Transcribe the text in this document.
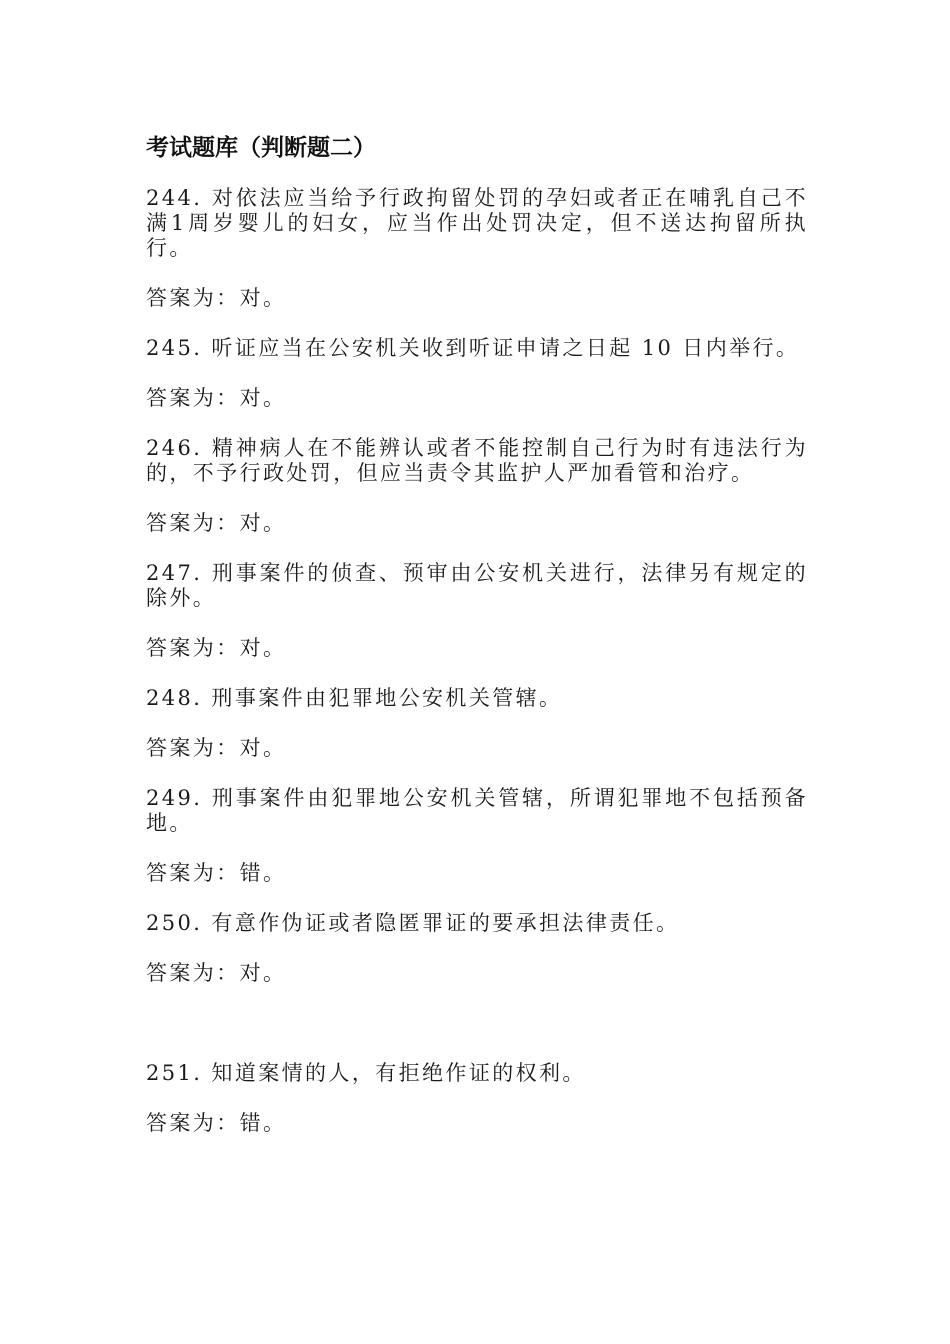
考试题库（判断题二）

244. 对依法应当给予行政拘留处罚的孕妇或者正在哺乳自己不满1周岁婴儿的妇女，应当作出处罚决定，但不送达拘留所执行。

答案为：对。

245. 听证应当在公安机关收到听证申请之日起 10 日内举行。

答案为：对。

246. 精神病人在不能辨认或者不能控制自己行为时有违法行为的，不予行政处罚，但应当责令其监护人严加看管和治疗。

答案为：对。

247. 刑事案件的侦查、预审由公安机关进行，法律另有规定的除外。

答案为：对。

248. 刑事案件由犯罪地公安机关管辖。

答案为：对。

249. 刑事案件由犯罪地公安机关管辖，所谓犯罪地不包括预备地。

答案为：错。

250. 有意作伪证或者隐匿罪证的要承担法律责任。

答案为：对。

251. 知道案情的人，有拒绝作证的权利。

答案为：错。
